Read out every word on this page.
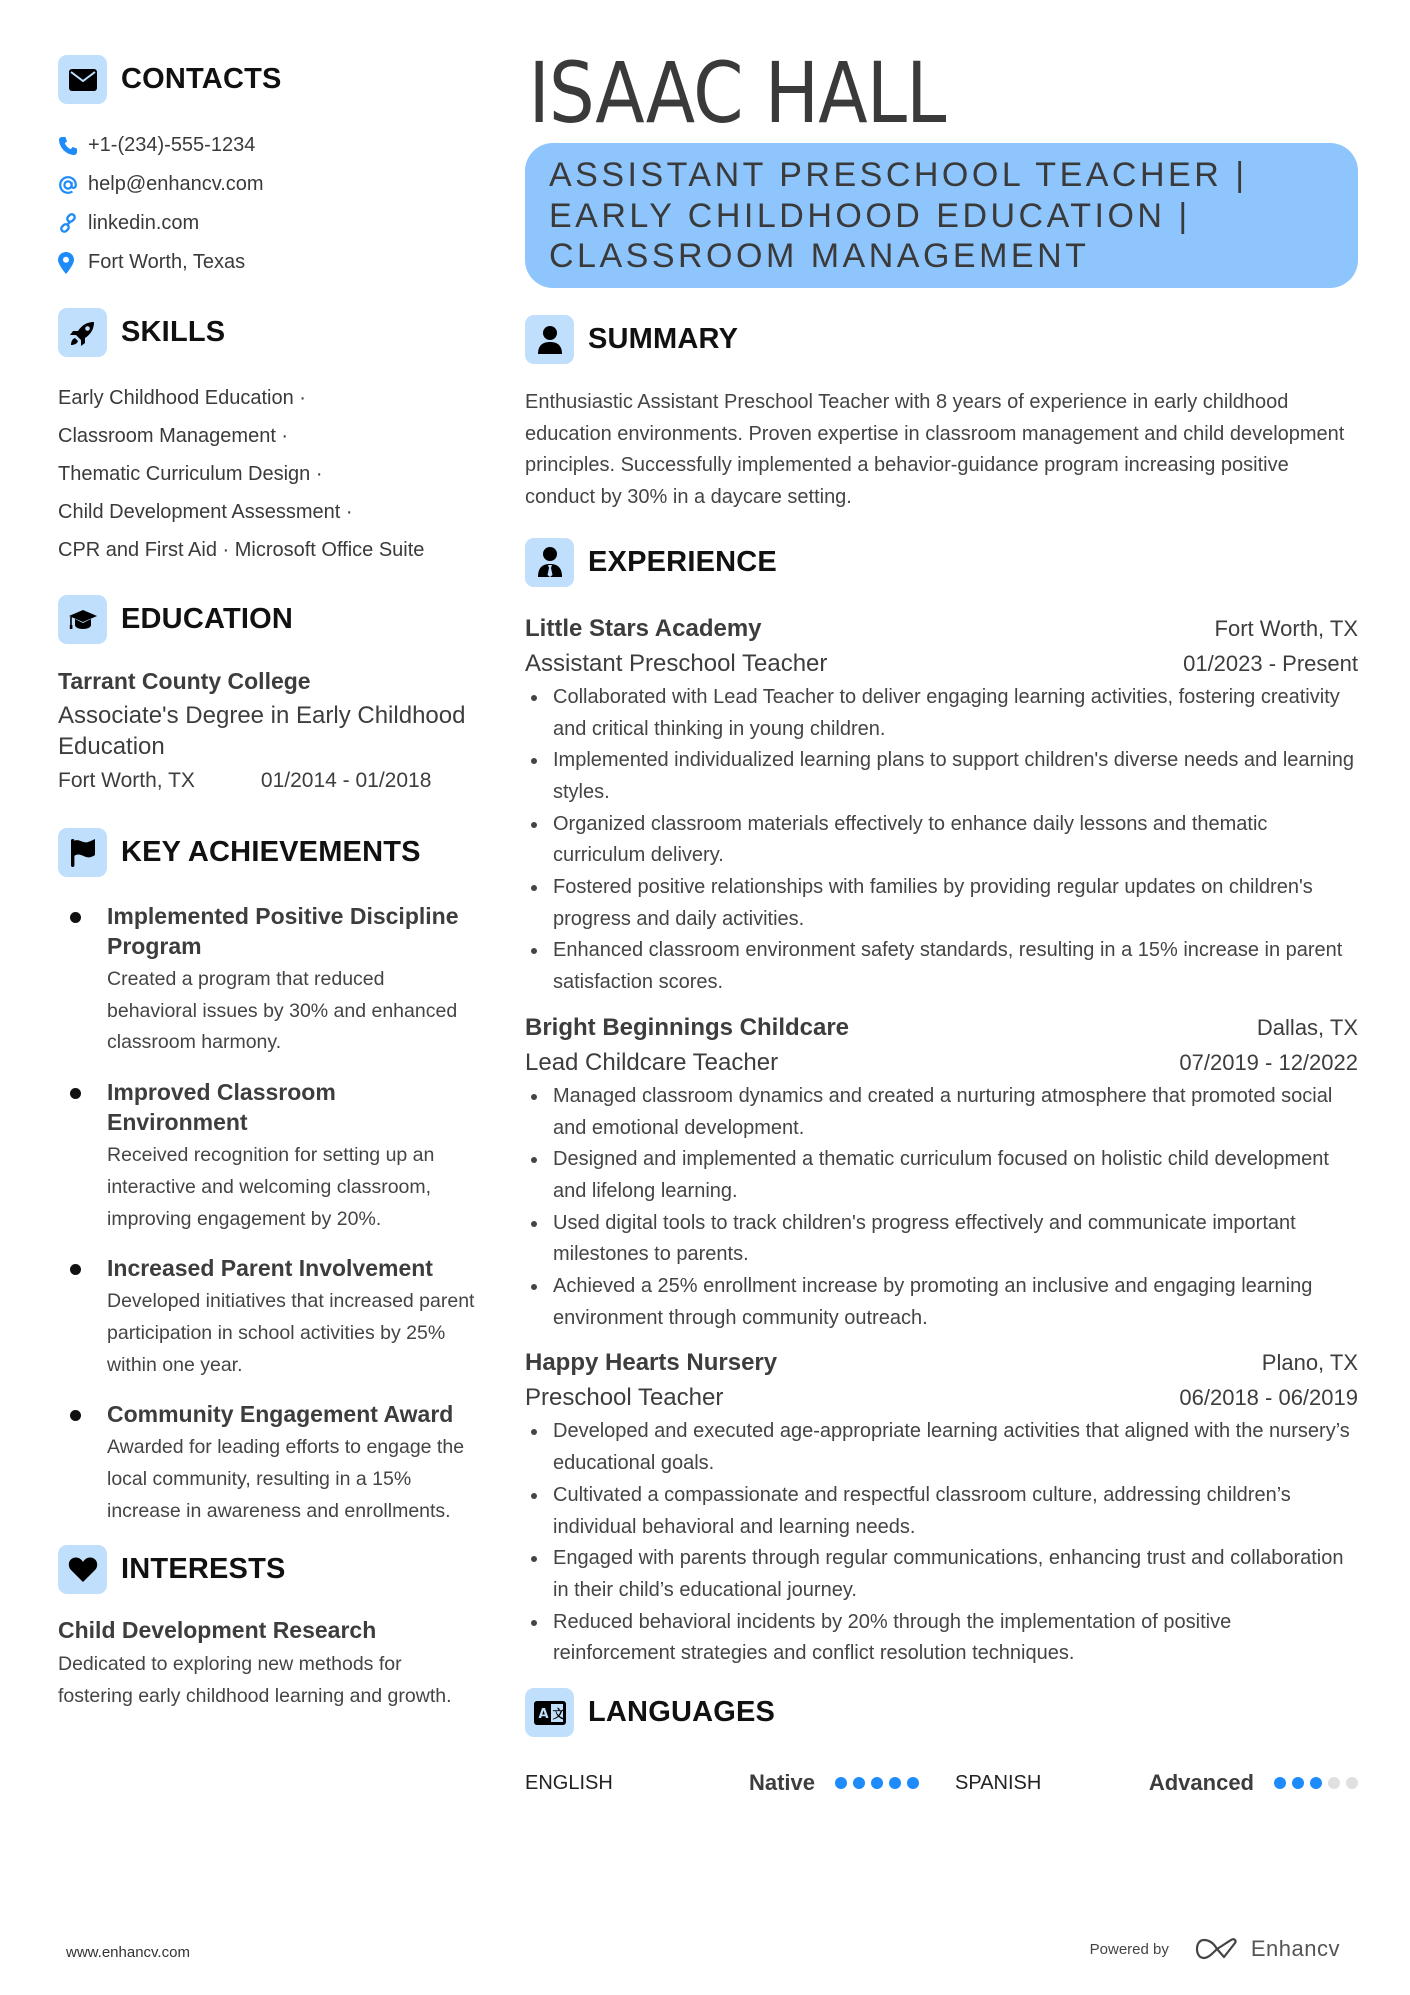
CONTACTS
+1-(234)-555-1234
help@enhancv.com
linkedin.com
Fort Worth, Texas
SKILLS
Early Childhood Education ·
Classroom Management ·
Thematic Curriculum Design ·
Child Development Assessment ·
CPR and First Aid · Microsoft Office Suite
EDUCATION
Tarrant County College
Associate's Degree in Early Childhood Education
Fort Worth, TX	01/2014 - 01/2018
KEY ACHIEVEMENTS
Implemented Positive Discipline Program
Created a program that reduced behavioral issues by 30% and enhanced classroom harmony.
Improved Classroom Environment
Received recognition for setting up an interactive and welcoming classroom, improving engagement by 20%.
Increased Parent Involvement
Developed initiatives that increased parent participation in school activities by 25% within one year.
Community Engagement Award
Awarded for leading efforts to engage the local community, resulting in a 15% increase in awareness and enrollments.
INTERESTS
Child Development Research
Dedicated to exploring new methods for fostering early childhood learning and growth.
ISAAC HALL
ASSISTANT PRESCHOOL TEACHER |
EARLY CHILDHOOD EDUCATION |
CLASSROOM MANAGEMENT
SUMMARY
Enthusiastic Assistant Preschool Teacher with 8 years of experience in early childhood education environments. Proven expertise in classroom management and child development principles. Successfully implemented a behavior-guidance program increasing positive conduct by 30% in a daycare setting.
EXPERIENCE
Little Stars Academy	Fort Worth, TX
Assistant Preschool Teacher	01/2023 - Present
Collaborated with Lead Teacher to deliver engaging learning activities, fostering creativity and critical thinking in young children.
Implemented individualized learning plans to support children's diverse needs and learning styles.
Organized classroom materials effectively to enhance daily lessons and thematic curriculum delivery.
Fostered positive relationships with families by providing regular updates on children's progress and daily activities.
Enhanced classroom environment safety standards, resulting in a 15% increase in parent satisfaction scores.
Bright Beginnings Childcare	Dallas, TX
Lead Childcare Teacher	07/2019 - 12/2022
Managed classroom dynamics and created a nurturing atmosphere that promoted social and emotional development.
Designed and implemented a thematic curriculum focused on holistic child development and lifelong learning.
Used digital tools to track children's progress effectively and communicate important milestones to parents.
Achieved a 25% enrollment increase by promoting an inclusive and engaging learning environment through community outreach.
Happy Hearts Nursery	Plano, TX
Preschool Teacher	06/2018 - 06/2019
Developed and executed age-appropriate learning activities that aligned with the nursery’s educational goals.
Cultivated a compassionate and respectful classroom culture, addressing children’s individual behavioral and learning needs.
Engaged with parents through regular communications, enhancing trust and collaboration in their child’s educational journey.
Reduced behavioral incidents by 20% through the implementation of positive reinforcement strategies and conflict resolution techniques.
A 文 LANGUAGES
ENGLISH	Native	SPANISH	Advanced
www.enhancv.com	Powered by	Enhancv
